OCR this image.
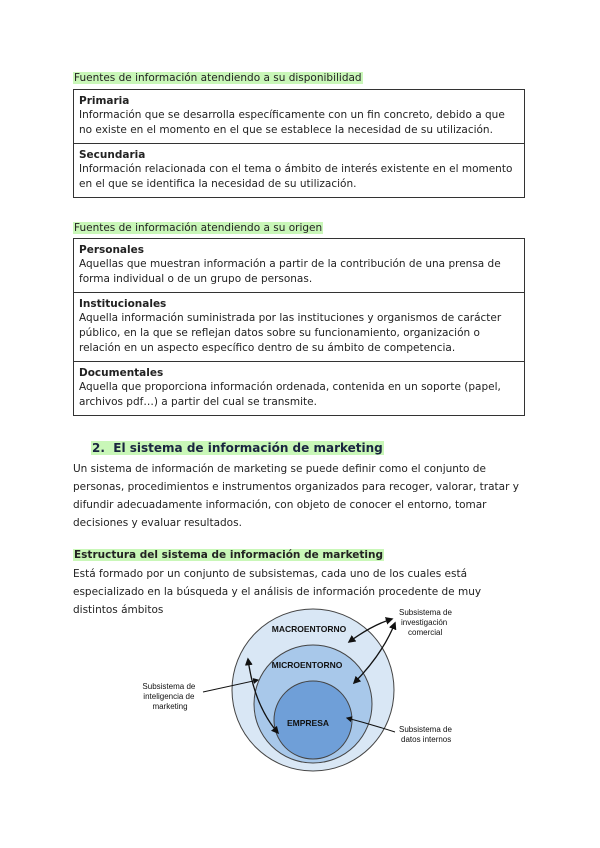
Fuentes de información atendiendo a su disponibilidad
Primaria
Información que se desarrolla específicamente con un fin concreto, debido a que no existe en el momento en el que se establece la necesidad de su utilización.
Secundaria
Información relacionada con el tema o ámbito de interés existente en el momento en el que se identifica la necesidad de su utilización.
Fuentes de información atendiendo a su origen
Personales
Aquellas que muestran información a partir de la contribución de una prensa de forma individual o de un grupo de personas.
Institucionales
Aquella información suministrada por las instituciones y organismos de carácter público, en la que se reflejan datos sobre su funcionamiento, organización o relación en un aspecto específico dentro de su ámbito de competencia.
Documentales
Aquella que proporciona información ordenada, contenida en un soporte (papel, archivos pdf…) a partir del cual se transmite.
2. El sistema de información de marketing
Un sistema de información de marketing se puede definir como el conjunto de personas, procedimientos e instrumentos organizados para recoger, valorar, tratar y difundir adecuadamente información, con objeto de conocer el entorno, tomar decisiones y evaluar resultados.
Estructura del sistema de información de marketing
Está formado por un conjunto de subsistemas, cada uno de los cuales está especializado en la búsqueda y el análisis de información procedente de muy distintos ámbitos
MACROENTORNO
MICROENTORNO
EMPRESA
Subsistema de investigación comercial
Subsistema de inteligencia de marketing
Subsistema de datos internos
